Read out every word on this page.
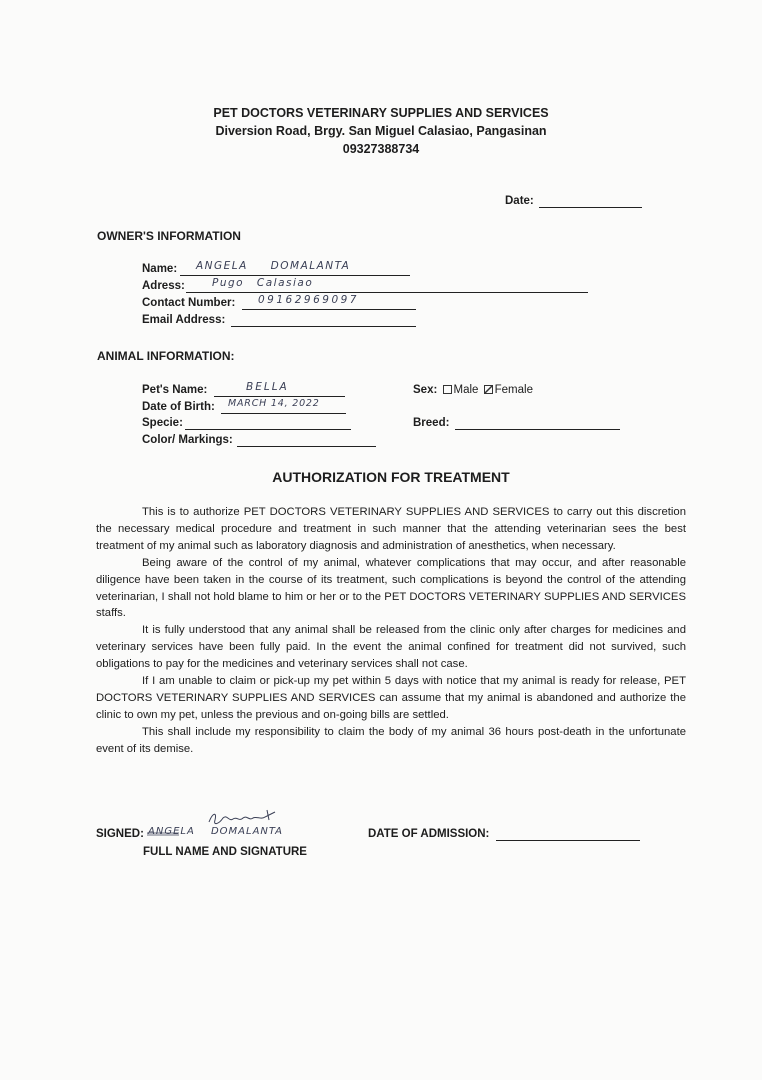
PET DOCTORS VETERINARY SUPPLIES AND SERVICES
Diversion Road, Brgy. San Miguel Calasiao, Pangasinan
09327388734
Date:
OWNER'S INFORMATION
Name: ANGELA DOMALANTA
Adress:	Pugo Calasiao
Contact Number: 09162969097
Email Address:
ANIMAL INFORMATION:
Pet's Name:	BELLA
Date of Birth: MARCH 14, 2022
Specie:
Color/ Markings:
Sex: Male Female
Breed:
AUTHORIZATION FOR TREATMENT

This is to authorize PET DOCTORS VETERINARY SUPPLIES AND SERVICES to carry out this discretion the necessary medical procedure and treatment in such manner that the attending veterinarian sees the best treatment of my animal such as laboratory diagnosis and administration of anesthetics, when necessary.

Being aware of the control of my animal, whatever complications that may occur, and after reasonable diligence have been taken in the course of its treatment, such complications is beyond the control of the attending veterinarian, I shall not hold blame to him or her or to the PET DOCTORS VETERINARY SUPPLIES AND SERVICES staffs.

It is fully understood that any animal shall be released from the clinic only after charges for medicines and veterinary services have been fully paid. In the event the animal confined for treatment did not survived, such obligations to pay for the medicines and veterinary services shall not case.

If I am unable to claim or pick-up my pet within 5 days with notice that my animal is ready for release, PET DOCTORS VETERINARY SUPPLIES AND SERVICES can assume that my animal is abandoned and authorize the clinic to own my pet, unless the previous and on-going bills are settled.

This shall include my responsibility to claim the body of my animal 36 hours post-death in the unfortunate event of its demise.

SIGNED: ANGELA DOMALANTA
FULL NAME AND SIGNATURE
DATE OF ADMISSION:
